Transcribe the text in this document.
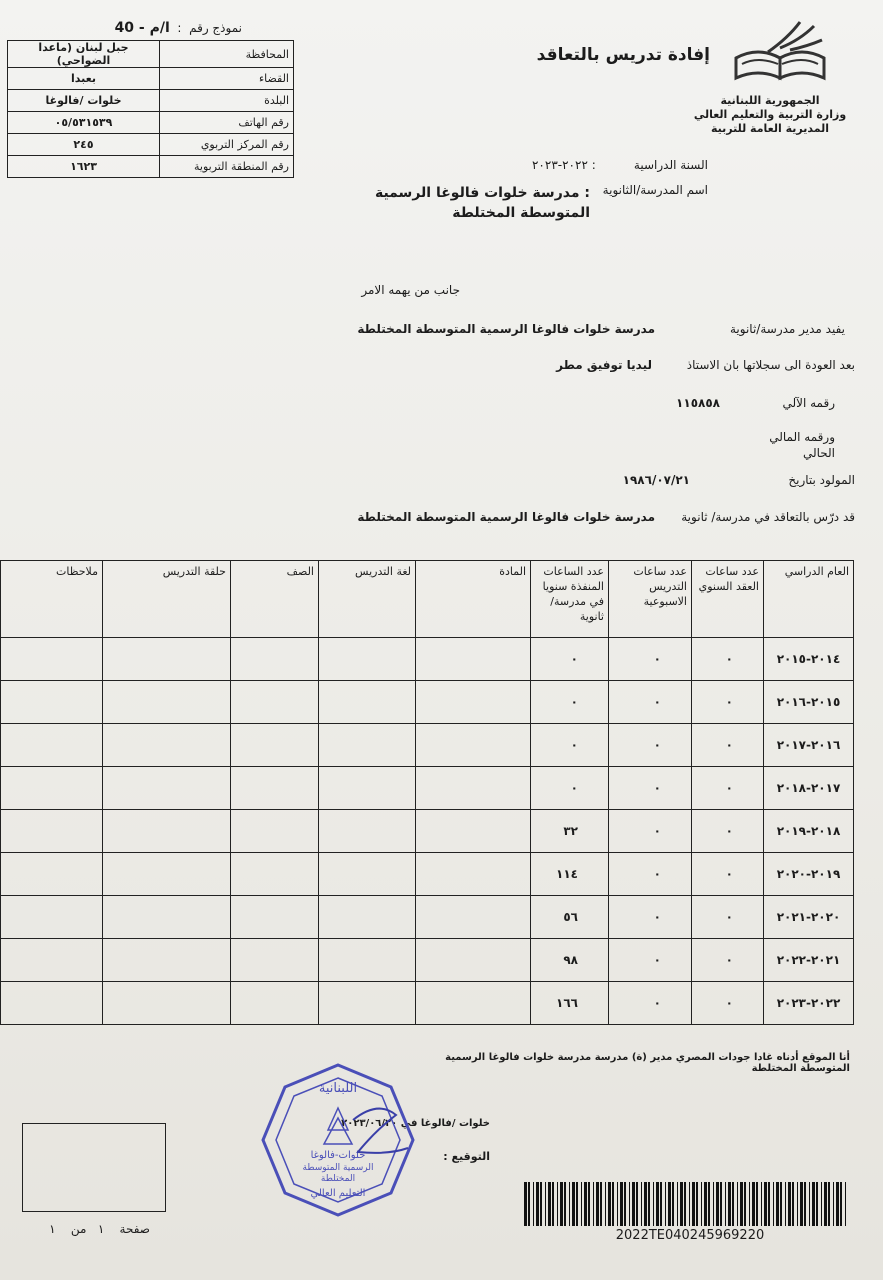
نموذج رقم  :  ا/م - 40
جبل لبنان (ماعدا الضواحي)	المحافظة
بعبدا	القضاء
خلوات /فالوغا	البلدة
٠٥/٥٣١٥٣٩	رقم الهاتف
٢٤٥	رقم المركز التربوي
١٦٢٣	رقم المنطقة التربوية
الجمهورية اللبنانية
وزارة التربية والتعليم العالي
المديرية العامة للتربية
إفادة تدريس بالتعاقد
السنة الدراسية          : ٢٠٢٢-٢٠٢٣
اسم المدرسة/الثانوية
: مدرسة خلوات فالوغا الرسمية المتوسطة المختلطة
جانب من يهمه الامر
يفيد مدير مدرسة/ثانوية
مدرسة خلوات فالوغا الرسمية المتوسطة المختلطة
بعد العودة الى سجلاتها بان الاستاذ
ليديا توفيق مطر
رقمه الآلي
١١٥٨٥٨
ورقمه المالي
الحالي
المولود بتاريخ
١٩٨٦/٠٧/٢١
قد درّس بالتعاقد في مدرسة/ ثانوية
مدرسة خلوات فالوغا الرسمية المتوسطة المختلطة
العام الدراسي	عدد ساعات العقد السنوي	عدد ساعات التدريس الاسبوعية	عدد الساعات المنفذة سنويا في مدرسة/ثانوية	المادة	لغة التدريس	الصف	حلقة التدريس	ملاحظات
٢٠١٤-٢٠١٥	٠	٠	٠					
٢٠١٥-٢٠١٦	٠	٠	٠					
٢٠١٦-٢٠١٧	٠	٠	٠					
٢٠١٧-٢٠١٨	٠	٠	٠					
٢٠١٨-٢٠١٩	٠	٠	٣٢					
٢٠١٩-٢٠٢٠	٠	٠	١١٤					
٢٠٢٠-٢٠٢١	٠	٠	٥٦					
٢٠٢١-٢٠٢٢	٠	٠	٩٨					
٢٠٢٢-٢٠٢٣	٠	٠	١٦٦					
أنا الموقع أدناه غادا جودات المصري مدير (ة) مدرسة مدرسة خلوات فالوغا الرسمية المتوسطة المختلطة
خلوات /فالوغا في ٢٠٢٣/٠٦/٢٠
التوقيع :
اللبنانية
خلوات-فالوغا
الرسمية المتوسطة
المختلطة
التعليم العالي
صفحة    ١   من    ١	2022TE040245969220
